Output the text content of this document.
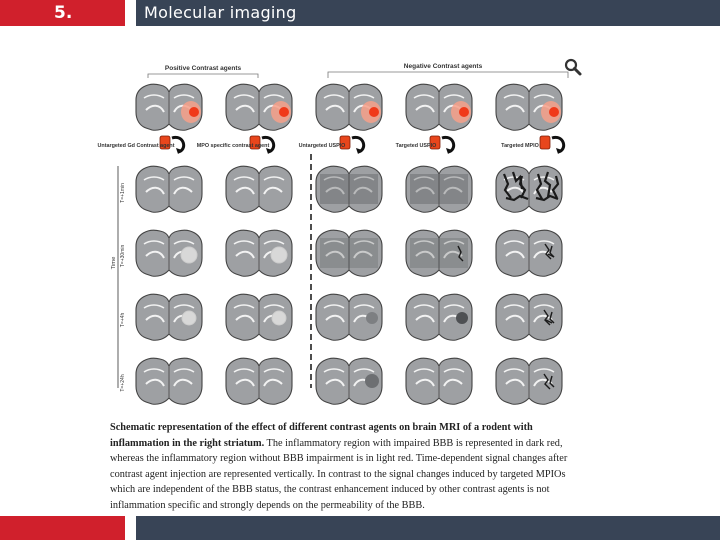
5.	Molecular imaging
Positive Contrast agents	Negative Contrast agents
Untargeted Gd Contrast agent	MPO specific contrast agent	Untargeted USPIO	Targeted USPIO	Targeted MPIO
Time
T=+1min
T=+30min
T=+4h
T=+24h
Schematic representation of the effect of different contrast agents on brain MRI of a rodent with inflammation in the right striatum. The inflammatory region with impaired BBB is represented in dark red, whereas the inflammatory region without BBB impairment is in light red. Time-dependent signal changes after contrast agent injection are represented vertically. In contrast to the signal changes induced by targeted MPIOs which are independent of the BBB status, the contrast enhancement induced by other contrast agents is not inflammation specific and strongly depends on the permeability of the BBB.
